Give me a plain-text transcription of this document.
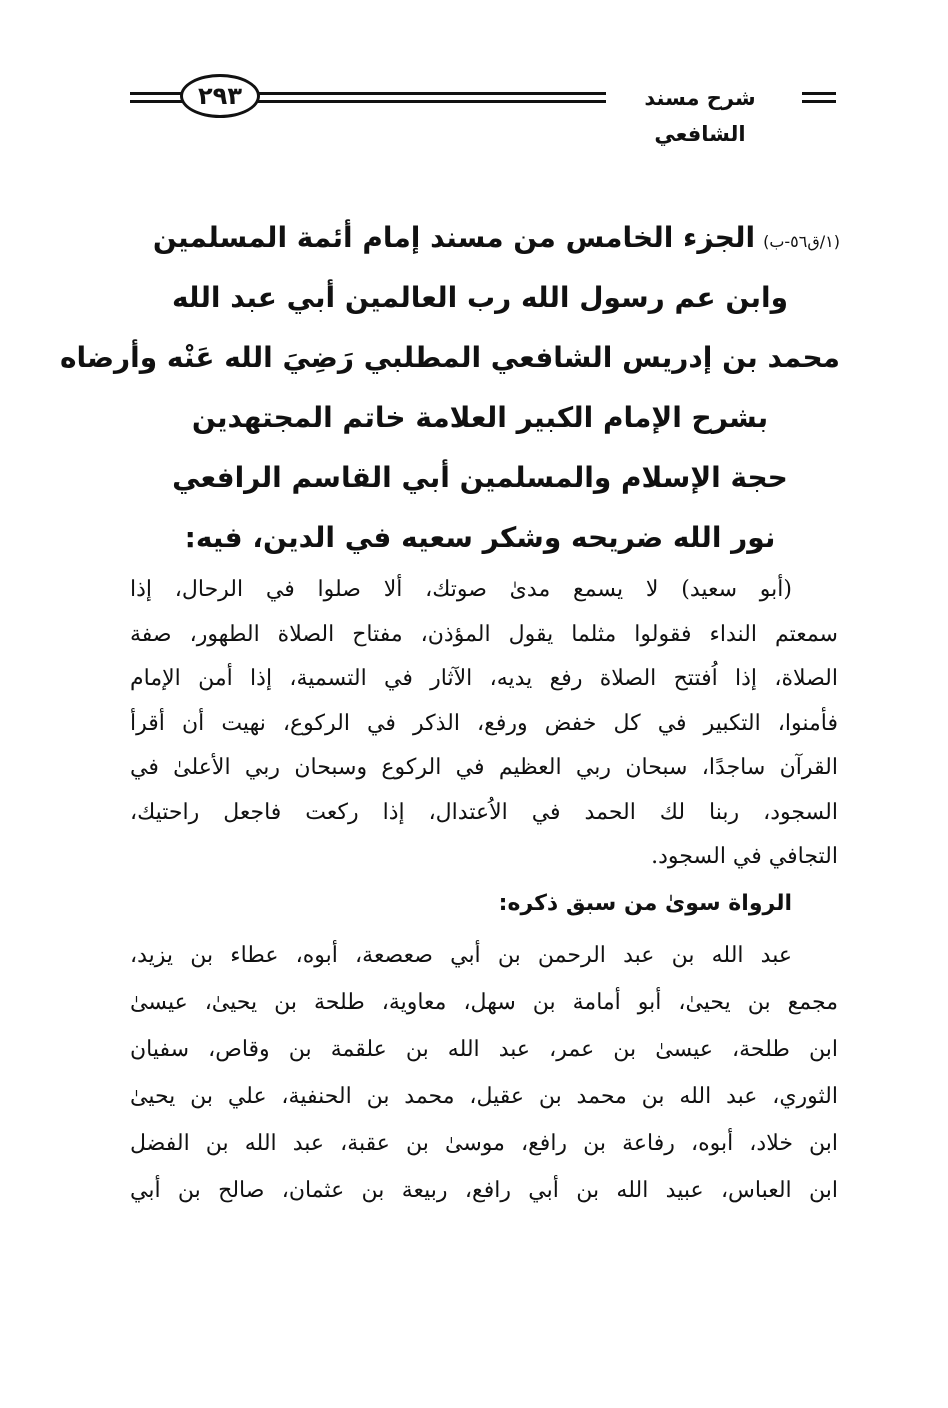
٢٩٣	شرح مسند الشافعي
(١/ق٥٦-ب)الجزء الخامس من مسند إمام أئمة المسلمين
وابن عم رسول الله رب العالمين أبي عبد الله
محمد بن إدريس الشافعي المطلبي رَضِيَ الله عَنْه وأرضاه
بشرح الإمام الكبير العلامة خاتم المجتهدين
حجة الإسلام والمسلمين أبي القاسم الرافعي
نور الله ضريحه وشكر سعيه في الدين، فيه:
(أبو سعيد) لا يسمع مدىٰ صوتك، ألا صلوا في الرحال، إذا
سمعتم النداء فقولوا مثلما يقول المؤذن، مفتاح الصلاة الطهور، صفة
الصلاة، إذا اُفتتح الصلاة رفع يديه، الآثار في التسمية، إذا أمن الإمام
فأمنوا، التكبير في كل خفض ورفع، الذكر في الركوع، نهيت أن أقرأ
القرآن ساجدًا، سبحان ربي العظيم في الركوع وسبحان ربي الأعلىٰ في
السجود، ربنا لك الحمد في الاُعتدال، إذا ركعت فاجعل راحتيك،
التجافي في السجود.
الرواة سوىٰ من سبق ذكره:
عبد الله بن عبد الرحمن بن أبي صعصعة، أبوه، عطاء بن يزيد،
مجمع بن يحيىٰ، أبو أمامة بن سهل، معاوية، طلحة بن يحيىٰ، عيسىٰ
ابن طلحة، عيسىٰ بن عمر، عبد الله بن علقمة بن وقاص، سفيان
الثوري، عبد الله بن محمد بن عقيل، محمد بن الحنفية، علي بن يحيىٰ
ابن خلاد، أبوه، رفاعة بن رافع، موسىٰ بن عقبة، عبد الله بن الفضل
ابن العباس، عبيد الله بن أبي رافع، ربيعة بن عثمان، صالح بن أبي
